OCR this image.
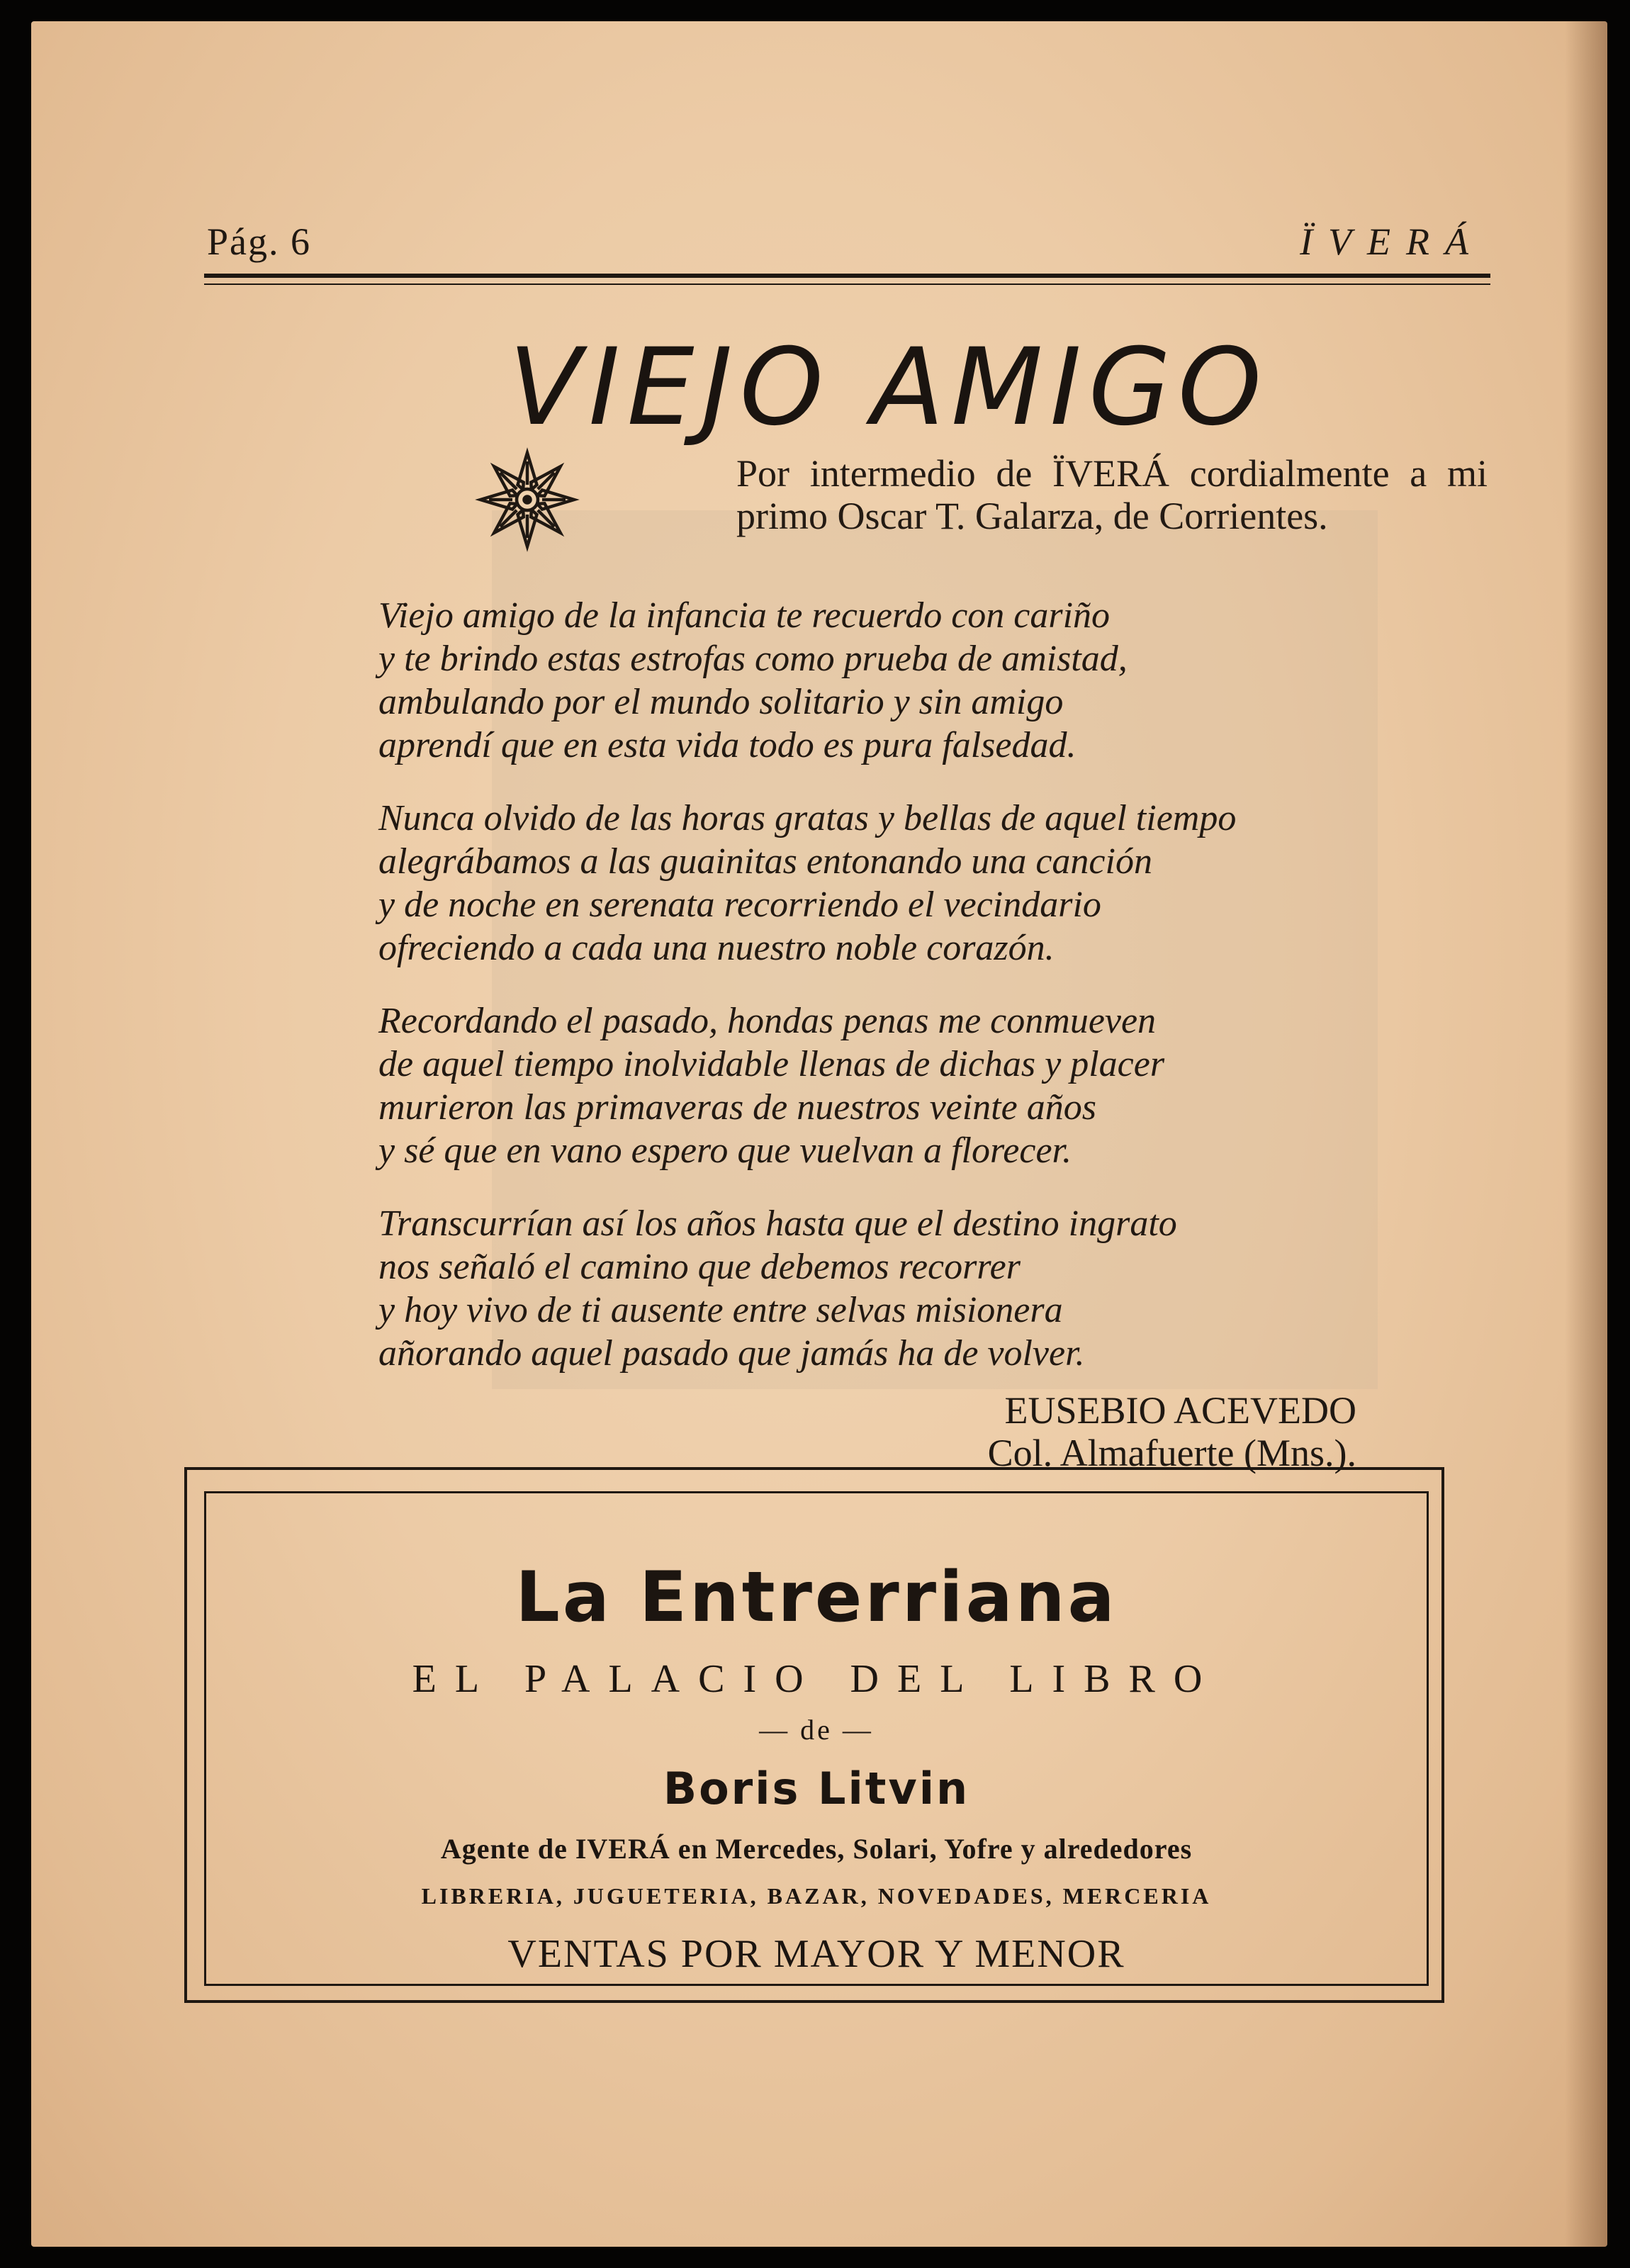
Pág. 6	ÏVERÁ
VIEJO AMIGO
Por intermedio de ÏVERÁ cordialmente a mi primo Oscar T. Galarza, de Corrientes.
Viejo amigo de la infancia te recuerdo con cariño
y te brindo estas estrofas como prueba de amistad,
ambulando por el mundo solitario y sin amigo
aprendí que en esta vida todo es pura falsedad.
Nunca olvido de las horas gratas y bellas de aquel tiempo
alegrábamos a las guainitas entonando una canción
y de noche en serenata recorriendo el vecindario
ofreciendo a cada una nuestro noble corazón.
Recordando el pasado, hondas penas me conmueven
de aquel tiempo inolvidable llenas de dichas y placer
murieron las primaveras de nuestros veinte años
y sé que en vano espero que vuelvan a florecer.
Transcurrían así los años hasta que el destino ingrato
nos señaló el camino que debemos recorrer
y hoy vivo de ti ausente entre selvas misionera
añorando aquel pasado que jamás ha de volver.
EUSEBIO ACEVEDO
Col. Almafuerte (Mns.).
La Entrerriana
EL PALACIO DEL LIBRO
— de —
Boris Litvin
Agente de IVERÁ en Mercedes, Solari, Yofre y alrededores
LIBRERIA, JUGUETERIA, BAZAR, NOVEDADES, MERCERIA
VENTAS POR MAYOR Y MENOR
